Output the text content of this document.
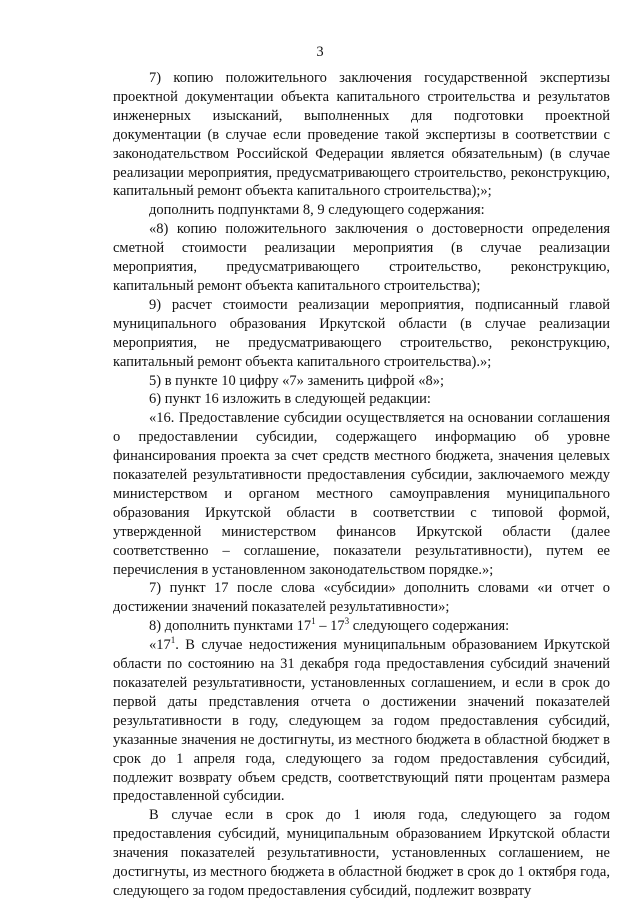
3

7) копию положительного заключения государственной экспертизы проектной документации объекта капитального строительства и результатов инженерных изысканий, выполненных для подготовки проектной документации (в случае если проведение такой экспертизы в соответствии с законодательством Российской Федерации является обязательным) (в случае реализации мероприятия, предусматривающего строительство, реконструкцию, капитальный ремонт объекта капитального строительства);»;

дополнить подпунктами 8, 9 следующего содержания:

«8) копию положительного заключения о достоверности определения сметной стоимости реализации мероприятия (в случае реализации мероприятия, предусматривающего строительство, реконструкцию, капитальный ремонт объекта капитального строительства);

9) расчет стоимости реализации мероприятия, подписанный главой муниципального образования Иркутской области (в случае реализации мероприятия, не предусматривающего строительство, реконструкцию, капитальный ремонт объекта капитального строительства).»;

5) в пункте 10 цифру «7» заменить цифрой «8»;

6) пункт 16 изложить в следующей редакции:

«16. Предоставление субсидии осуществляется на основании соглашения о предоставлении субсидии, содержащего информацию об уровне финансирования проекта за счет средств местного бюджета, значения целевых показателей результативности предоставления субсидии, заключаемого между министерством и органом местного самоуправления муниципального образования Иркутской области в соответствии с типовой формой, утвержденной министерством финансов Иркутской области (далее соответственно – соглашение, показатели результативности), путем ее перечисления в установленном законодательством порядке.»;

7) пункт 17 после слова «субсидии» дополнить словами «и отчет о достижении значений показателей результативности»;

8) дополнить пунктами $17^1 - 17^3$ следующего содержания:

«$17^1$. В случае недостижения муниципальным образованием Иркутской области по состоянию на 31 декабря года предоставления субсидий значений показателей результативности, установленных соглашением, и если в срок до первой даты представления отчета о достижении значений показателей результативности в году, следующем за годом предоставления субсидий, указанные значения не достигнуты, из местного бюджета в областной бюджет в срок до 1 апреля года, следующего за годом предоставления субсидий, подлежит возврату объем средств, соответствующий пяти процентам размера предоставленной субсидии.

В случае если в срок до 1 июля года, следующего за годом предоставления субсидий, муниципальным образованием Иркутской области значения показателей результативности, установленных соглашением, не достигнуты, из местного бюджета в областной бюджет в срок до 1 октября года, следующего за годом предоставления субсидий, подлежит возврату
